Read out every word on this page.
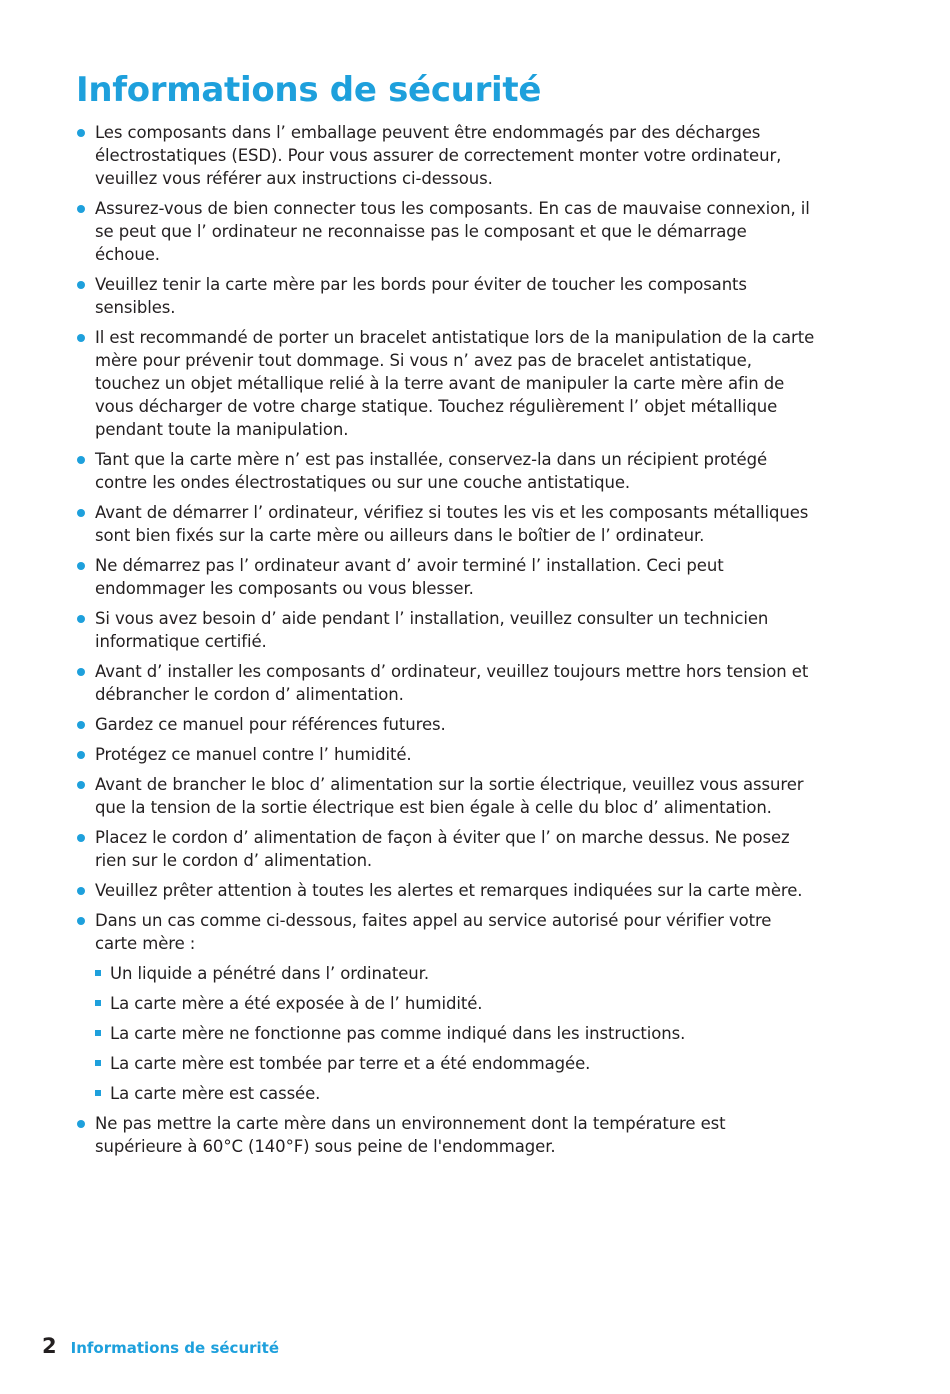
Informations de sécurité
Les composants dans l’ emballage peuvent être endommagés par des décharges électrostatiques (ESD). Pour vous assurer de correctement monter votre ordinateur, veuillez vous référer aux instructions ci-dessous.
Assurez-vous de bien connecter tous les composants. En cas de mauvaise connexion, il se peut que l’ ordinateur ne reconnaisse pas le composant et que le démarrage échoue.
Veuillez tenir la carte mère par les bords pour éviter de toucher les composants sensibles.
Il est recommandé de porter un bracelet antistatique lors de la manipulation de la carte mère pour prévenir tout dommage. Si vous n’ avez pas de bracelet antistatique, touchez un objet métallique relié à la terre avant de manipuler la carte mère afin de vous décharger de votre charge statique. Touchez régulièrement l’ objet métallique pendant toute la manipulation.
Tant que la carte mère n’ est pas installée, conservez-la dans un récipient protégé contre les ondes électrostatiques ou sur une couche antistatique.
Avant de démarrer l’ ordinateur, vérifiez si toutes les vis et les composants métalliques sont bien fixés sur la carte mère ou ailleurs dans le boîtier de l’ ordinateur.
Ne démarrez pas l’ ordinateur avant d’ avoir terminé l’ installation. Ceci peut endommager les composants ou vous blesser.
Si vous avez besoin d’ aide pendant l’ installation, veuillez consulter un technicien informatique certifié.
Avant d’ installer les composants d’ ordinateur, veuillez toujours mettre hors tension et débrancher le cordon d’ alimentation.
Gardez ce manuel pour références futures.
Protégez ce manuel contre l’ humidité.
Avant de brancher le bloc d’ alimentation sur la sortie électrique, veuillez vous assurer que la tension de la sortie électrique est bien égale à celle du bloc d’ alimentation.
Placez le cordon d’ alimentation de façon à éviter que l’ on marche dessus. Ne posez rien sur le cordon d’ alimentation.
Veuillez prêter attention à toutes les alertes et remarques indiquées sur la carte mère.
Dans un cas comme ci-dessous, faites appel au service autorisé pour vérifier votre carte mère :
Un liquide a pénétré dans l’ ordinateur.
La carte mère a été exposée à de l’ humidité.
La carte mère ne fonctionne pas comme indiqué dans les instructions.
La carte mère est tombée par terre et a été endommagée.
La carte mère est cassée.
Ne pas mettre la carte mère dans un environnement dont la température est supérieure à 60°C (140°F) sous peine de l'endommager.
2 Informations de sécurité
